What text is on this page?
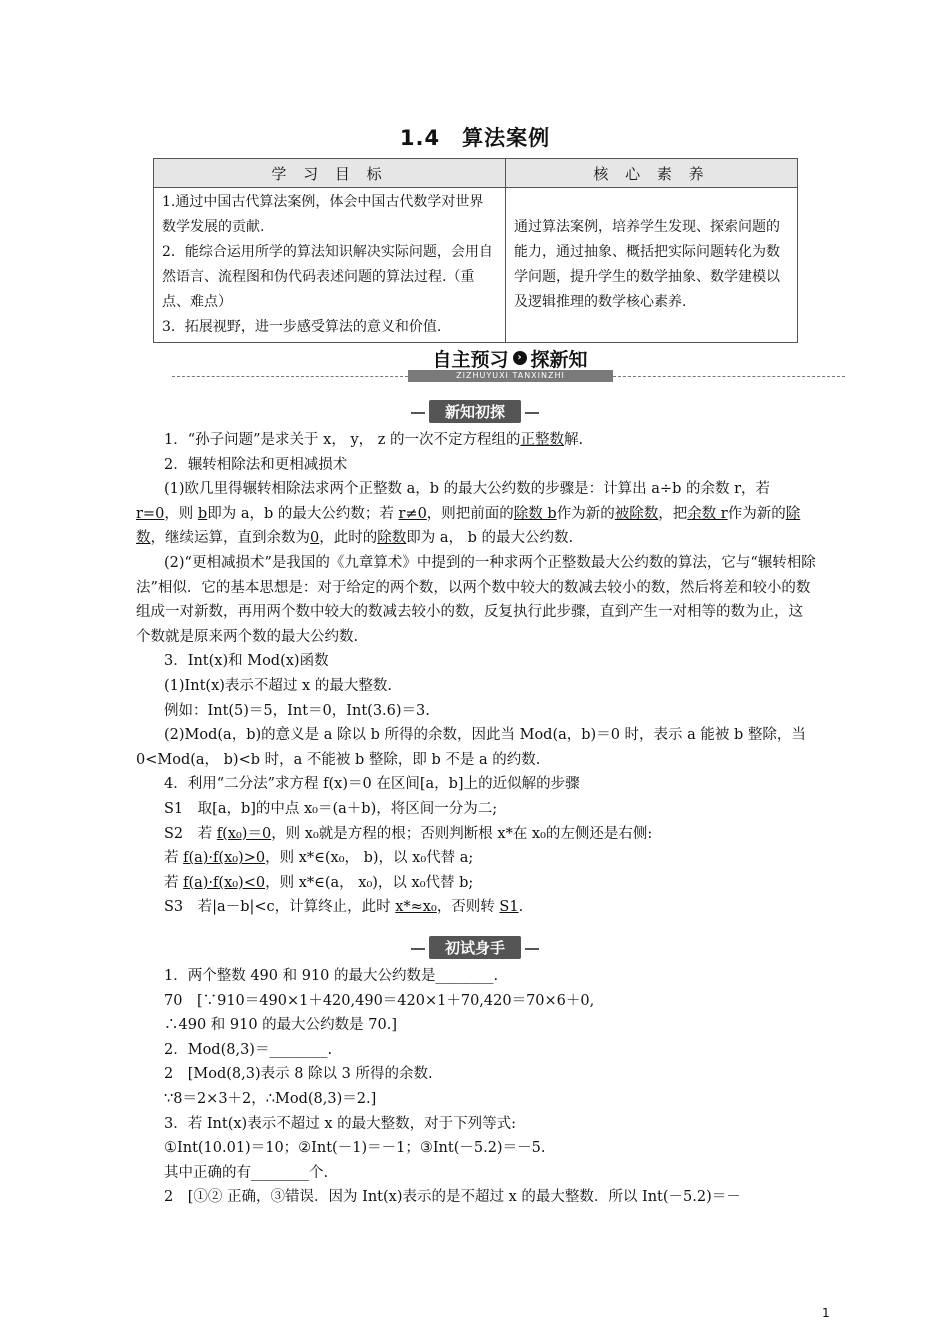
1.4　算法案例
学 习 目 标	核 心 素 养

1.通过中国古代算法案例，体会中国古代数学对世界数学发展的贡献.
2．能综合运用所学的算法知识解决实际问题，会用自然语言、流程图和伪代码表述问题的算法过程.（重点、难点）
3．拓展视野，进一步感受算法的意义和价值.	通过算法案例，培养学生发现、探索问题的能力，通过抽象、概括把实际问题转化为数学问题，提升学生的数学抽象、数学建模以及逻辑推理的数学核心素养.
自主预习 › 探新知
ZIZHUYUXI TANXINZHI
新知初探

1．“孙子问题”是求关于 x， y， z 的一次不定方程组的正整数解.

2．辗转相除法和更相减损术

(1)欧几里得辗转相除法求两个正整数 a，b 的最大公约数的步骤是：计算出 a÷b 的余数 r，若 r=0，则 b即为 a，b 的最大公约数；若 r≠0，则把前面的除数 b作为新的被除数，把余数 r作为新的除数，继续运算，直到余数为0，此时的除数即为 a， b 的最大公约数.

(2)“更相减损术”是我国的《九章算术》中提到的一种求两个正整数最大公约数的算法，它与“辗转相除法”相似．它的基本思想是：对于给定的两个数，以两个数中较大的数减去较小的数，然后将差和较小的数组成一对新数，再用两个数中较大的数减去较小的数，反复执行此步骤，直到产生一对相等的数为止，这个数就是原来两个数的最大公约数.

3．Int(x)和 Mod(x)函数

(1)Int(x)表示不超过 x 的最大整数.

例如：Int(5)＝5，Int＝0，Int(3.6)＝3.

(2)Mod(a，b)的意义是 a 除以 b 所得的余数，因此当 Mod(a，b)＝0 时，表示 a 能被 b 整除，当 0<Mod(a， b)<b 时，a 不能被 b 整除，即 b 不是 a 的约数.

4．利用“二分法”求方程 f(x)＝0 在区间[a，b]上的近似解的步骤

S1　取[a，b]的中点 x₀＝(a＋b)，将区间一分为二;

S2　若 f(x₀)＝0，则 x₀就是方程的根；否则判断根 x*在 x₀的左侧还是右侧:

若 f(a)·f(x₀)>0，则 x*∈(x₀， b)，以 x₀代替 a;

若 f(a)·f(x₀)<0，则 x*∈(a， x₀)，以 x₀代替 b;

S3　若|a－b|<c，计算终止，此时 x*≈x₀，否则转 S1.

初试身手

1．两个整数 490 和 910 的最大公约数是________.

70　[∵910＝490×1＋420,490＝420×1＋70,420＝70×6＋0,

∴490 和 910 的最大公约数是 70.]

2．Mod(8,3)＝________.

2　[Mod(8,3)表示 8 除以 3 所得的余数.

∵8＝2×3＋2，∴Mod(8,3)＝2.]

3．若 Int(x)表示不超过 x 的最大整数，对于下列等式:

①Int(10.01)＝10；②Int(－1)＝－1；③Int(－5.2)＝－5.

其中正确的有________个.

2　[①② 正确，③错误．因为 Int(x)表示的是不超过 x 的最大整数．所以 Int(－5.2)＝－

1
